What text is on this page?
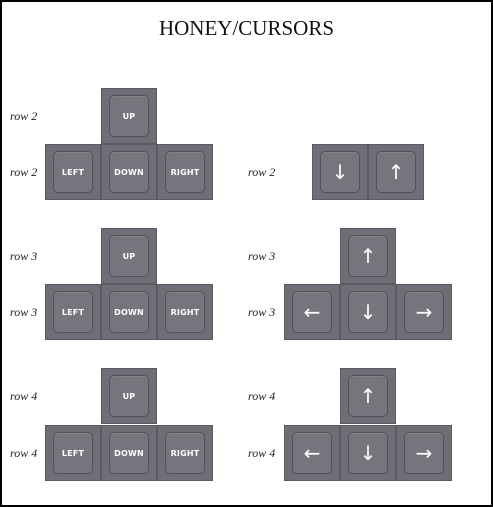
HONEY/CURSORS
row 2
row 2
UP
LEFT	DOWN	RIGHT
row 3
row 3
UP
LEFT	DOWN	RIGHT
row 4
row 4
UP
LEFT	DOWN	RIGHT
row 2	↓ ↑
row 3
row 3
↑
← ↓ →
row 4
row 4
↑
← ↓ →
